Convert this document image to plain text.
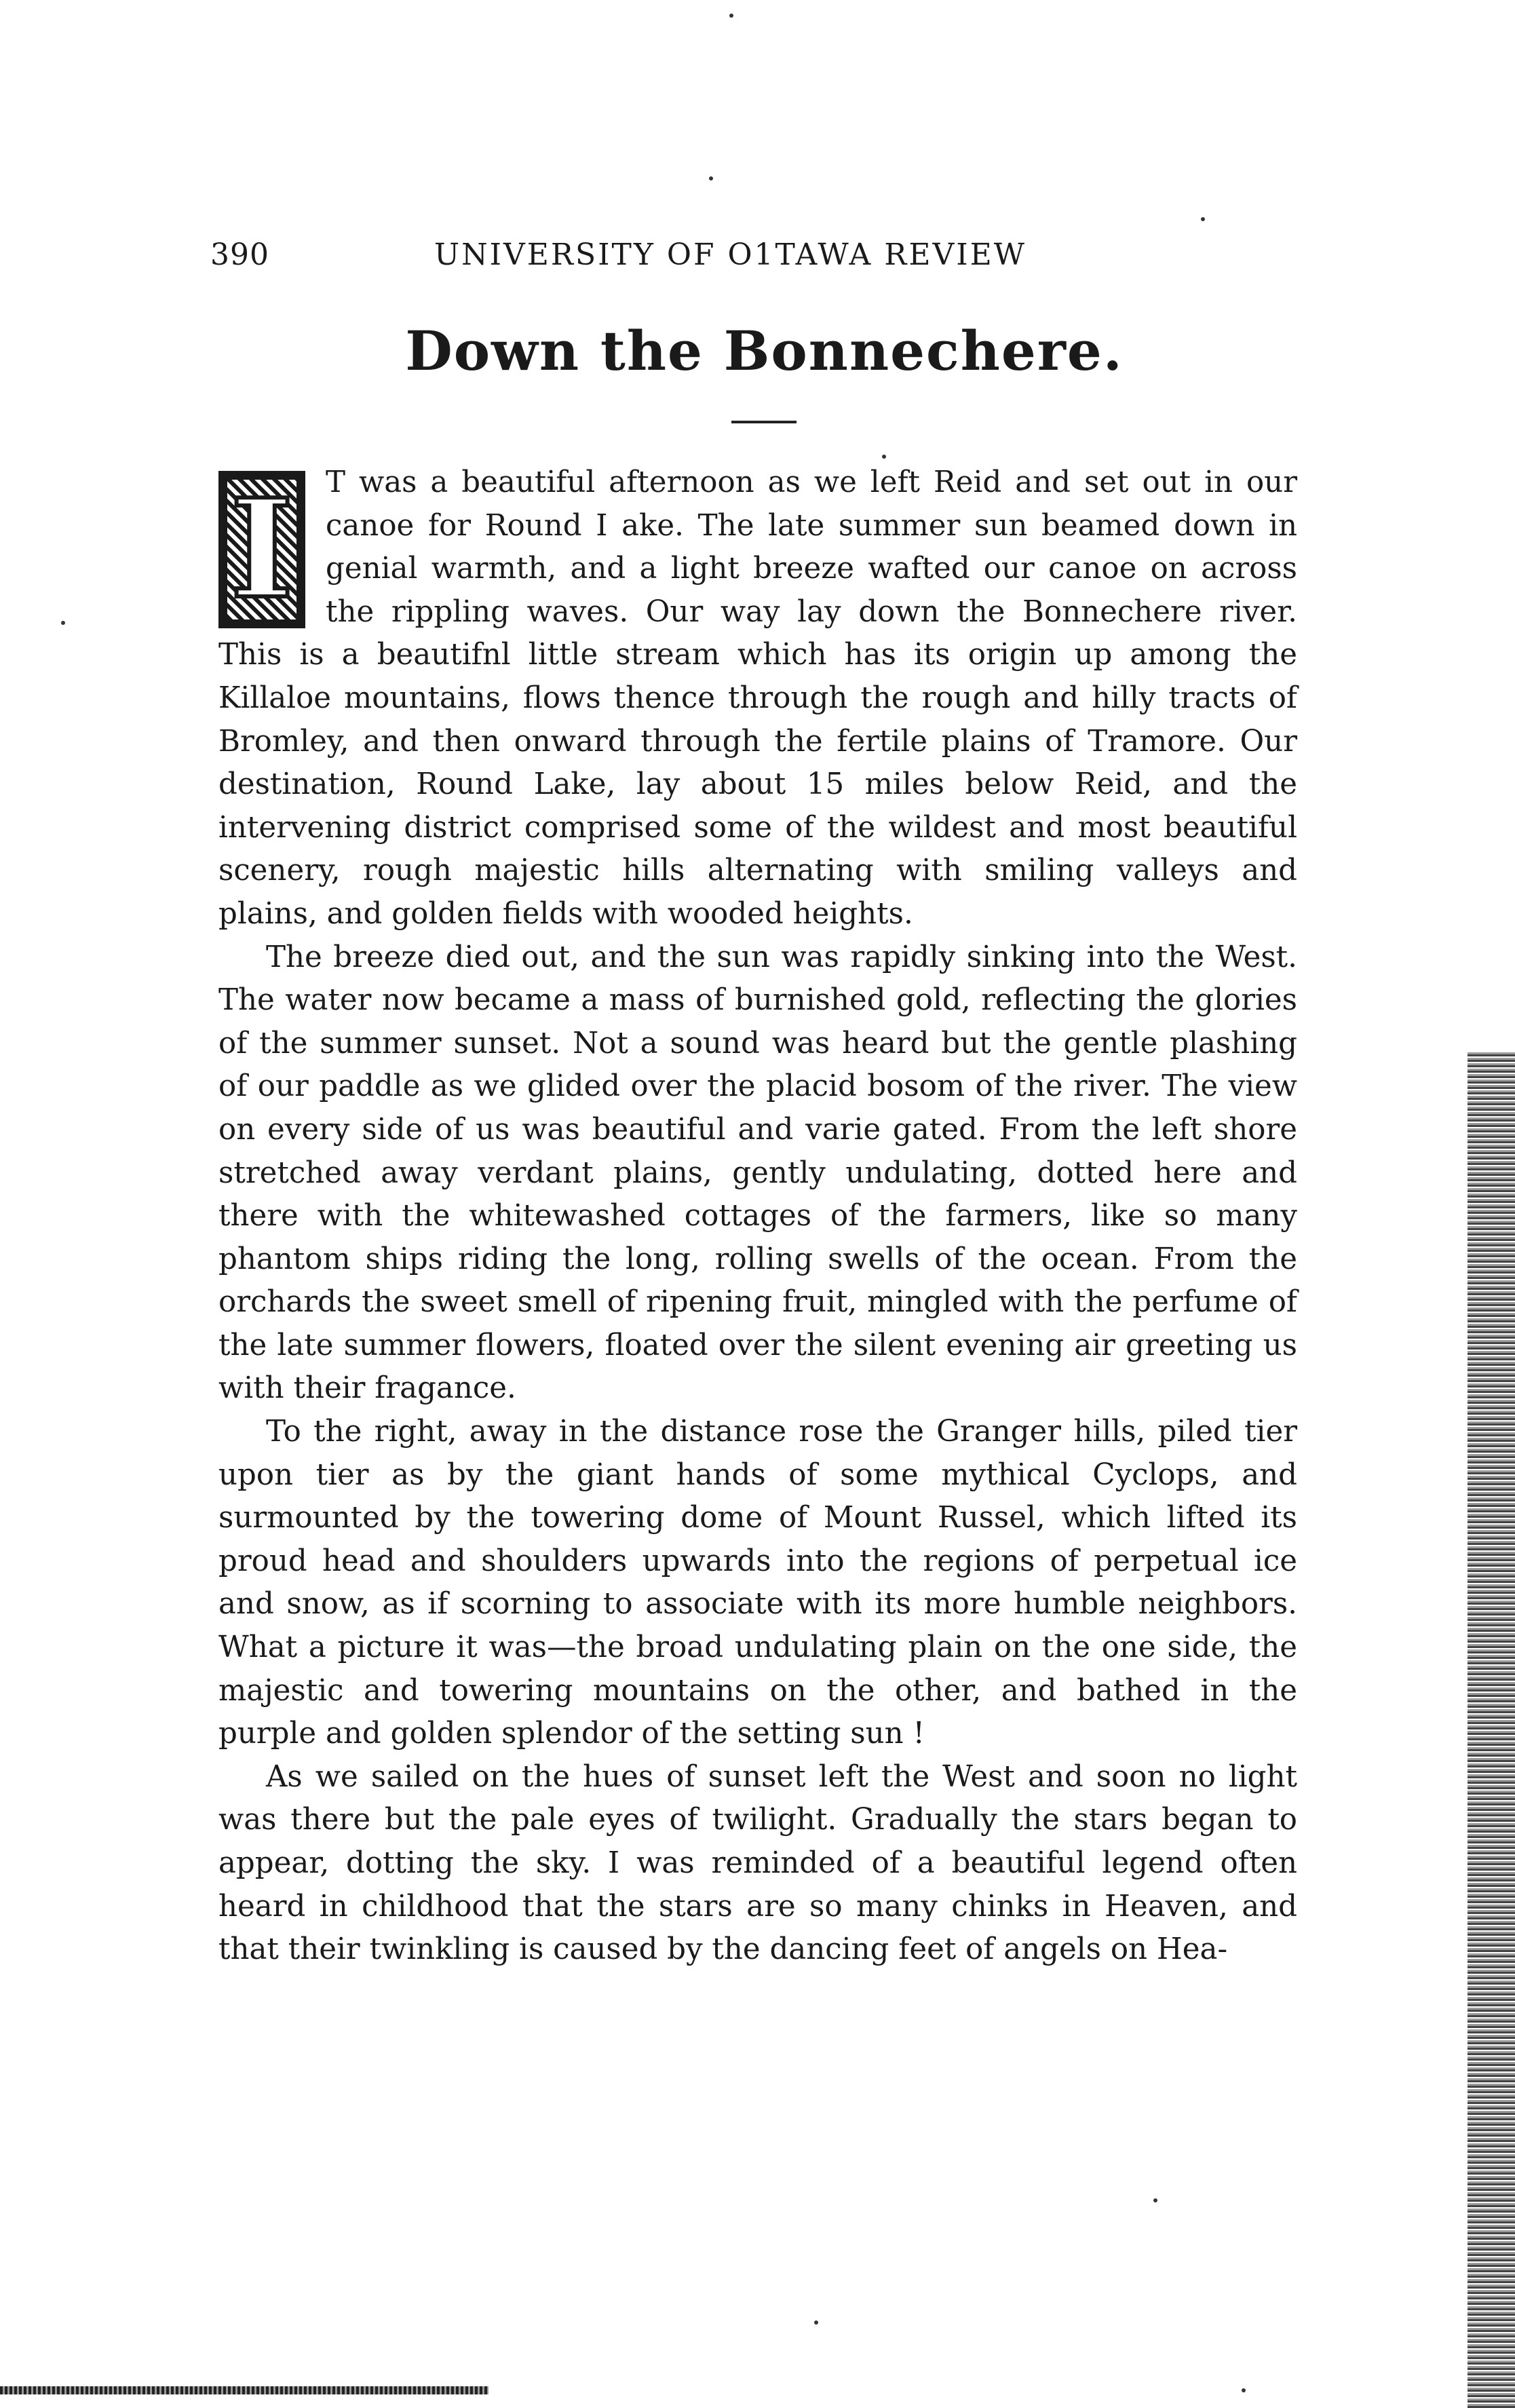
390	UNIVERSITY OF O1TAWA REVIEW
Down the Bonnechere.

I T was a beautiful afternoon as we left Reid and set out in our canoe for Round I ake. The late summer sun beamed down in genial warmth, and a light breeze wafted our canoe on across the rippling waves. Our way lay down the Bonnechere river. This is a beautifnl little stream which has its origin up among the Killaloe mountains, flows thence through the rough and hilly tracts of Bromley, and then onward through the fertile plains of Tramore. Our destination, Round Lake, lay about 15 miles below Reid, and the intervening district comprised some of the wildest and most beautiful scenery, rough majestic hills alternating with smiling valleys and plains, and golden fields with wooded heights.

The breeze died out, and the sun was rapidly sinking into the West. The water now became a mass of burnished gold, reflecting the glories of the summer sunset. Not a sound was heard but the gentle plashing of our paddle as we glided over the placid bosom of the river. The view on every side of us was beautiful and varie gated. From the left shore stretched away verdant plains, gently undulating, dotted here and there with the whitewashed cottages of the farmers, like so many phantom ships riding the long, rolling swells of the ocean. From the orchards the sweet smell of ripening fruit, mingled with the perfume of the late summer flowers, floated over the silent evening air greeting us with their fragance.

To the right, away in the distance rose the Granger hills, piled tier upon tier as by the giant hands of some mythical Cyclops, and surmounted by the towering dome of Mount Russel, which lifted its proud head and shoulders upwards into the regions of perpetual ice and snow, as if scorning to associate with its more humble neighbors. What a picture it was—the broad undulating plain on the one side, the majestic and towering mountains on the other, and bathed in the purple and golden splendor of the setting sun !

As we sailed on the hues of sunset left the West and soon no light was there but the pale eyes of twilight. Gradually the stars began to appear, dotting the sky. I was reminded of a beautiful legend often heard in childhood that the stars are so many chinks in Heaven, and that their twinkling is caused by the dancing feet of angels on Hea-
